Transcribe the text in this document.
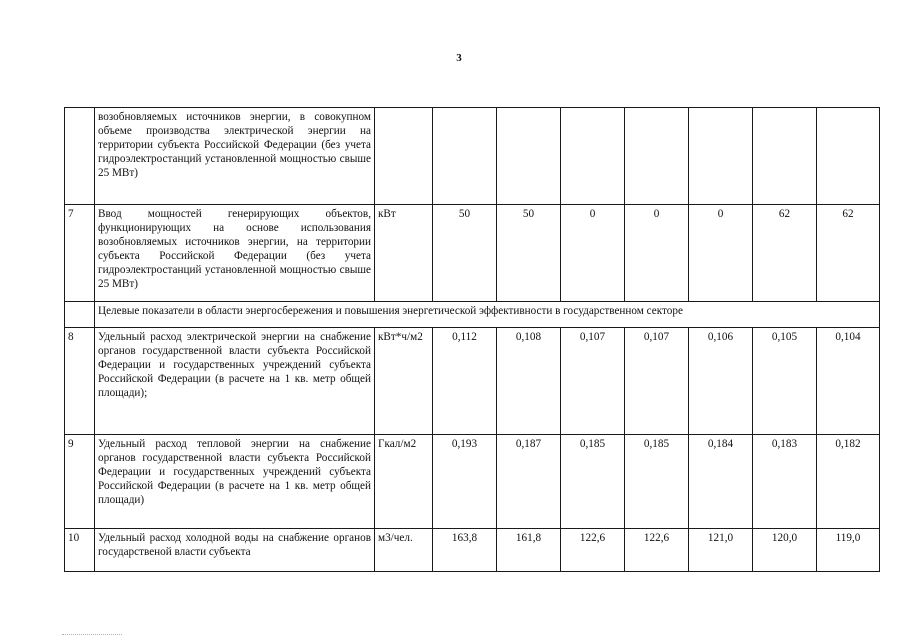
3
	возобновляемых источников энергии, в совокупном объеме производства электрической энергии на территории субъекта Российской Федерации (без учета гидроэлектростанций установленной мощностью свыше 25 МВт)								
7	Ввод мощностей генерирующих объектов, функционирующих на основе использования возобновляемых источников энергии, на территории субъекта Российской Федерации (без учета гидроэлектростанций установленной мощностью свыше 25 МВт)	кВт	50	50	0	0	0	62	62
	Целевые показатели в области энергосбережения и повышения энергетической эффективности в государственном секторе								
8	Удельный расход электрической энергии на снабжение органов государственной власти субъекта Российской Федерации и государственных учреждений субъекта Российской Федерации (в расчете на 1 кв. метр общей площади);	кВт*ч/м2	0,112	0,108	0,107	0,107	0,106	0,105	0,104
9	Удельный расход тепловой энергии на снабжение органов государственной власти субъекта Российской Федерации и государственных учреждений субъекта Российской Федерации (в расчете на 1 кв. метр общей площади)	Гкал/м2	0,193	0,187	0,185	0,185	0,184	0,183	0,182
10	Удельный расход холодной воды на снабжение органов государственой власти субъекта	м3/чел.	163,8	161,8	122,6	122,6	121,0	120,0	119,0
